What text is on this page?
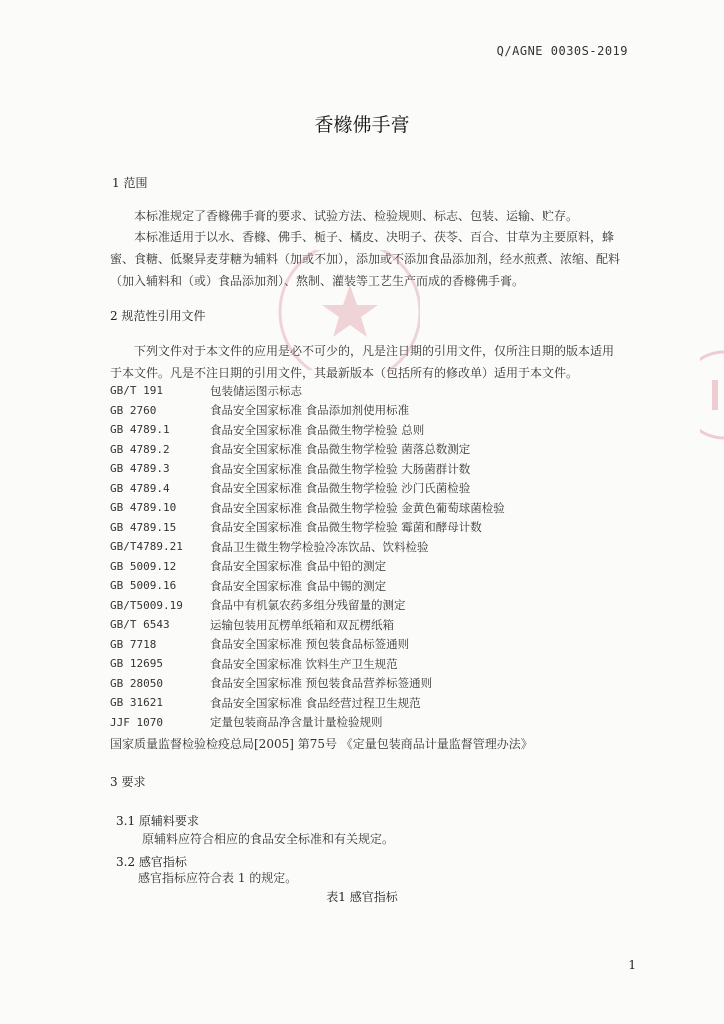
Q/AGNE 0030S-2019
香橼佛手膏
1 范围
本标准规定了香橼佛手膏的要求、试验方法、检验规则、标志、包装、运输、贮存。
本标准适用于以水、香橼、佛手、栀子、橘皮、决明子、茯苓、百合、甘草为主要原料，蜂蜜、食糖、低聚异麦芽糖为辅料（加或不加），添加或不添加食品添加剂，经水煎煮、浓缩、配料（加入辅料和（或）食品添加剂）、熬制、灌装等工艺生产而成的香橼佛手膏。
2 规范性引用文件
下列文件对于本文件的应用是必不可少的，凡是注日期的引用文件，仅所注日期的版本适用于本文件。凡是不注日期的引用文件，其最新版本（包括所有的修改单）适用于本文件。
GB/T 191	包装储运图示标志
GB 2760	食品安全国家标准 食品添加剂使用标准
GB 4789.1	食品安全国家标准 食品微生物学检验 总则
GB 4789.2	食品安全国家标准 食品微生物学检验 菌落总数测定
GB 4789.3	食品安全国家标准 食品微生物学检验 大肠菌群计数
GB 4789.4	食品安全国家标准 食品微生物学检验 沙门氏菌检验
GB 4789.10	食品安全国家标准 食品微生物学检验 金黄色葡萄球菌检验
GB 4789.15	食品安全国家标准 食品微生物学检验 霉菌和酵母计数
GB/T4789.21	食品卫生微生物学检验冷冻饮品、饮料检验
GB 5009.12	食品安全国家标准 食品中铅的测定
GB 5009.16	食品安全国家标准 食品中锡的测定
GB/T5009.19	食品中有机氯农药多组分残留量的测定
GB/T 6543	运输包装用瓦楞单纸箱和双瓦楞纸箱
GB 7718	食品安全国家标准 预包装食品标签通则
GB 12695	食品安全国家标准 饮料生产卫生规范
GB 28050	食品安全国家标准 预包装食品营养标签通则
GB 31621	食品安全国家标准 食品经营过程卫生规范
JJF 1070	定量包装商品净含量计量检验规则
国家质量监督检验检疫总局[2005] 第75号 《定量包装商品计量监督管理办法》
3 要求
3.1 原辅料要求
原辅料应符合相应的食品安全标准和有关规定。
3.2 感官指标
感官指标应符合表 1 的规定。
表1 感官指标
1
